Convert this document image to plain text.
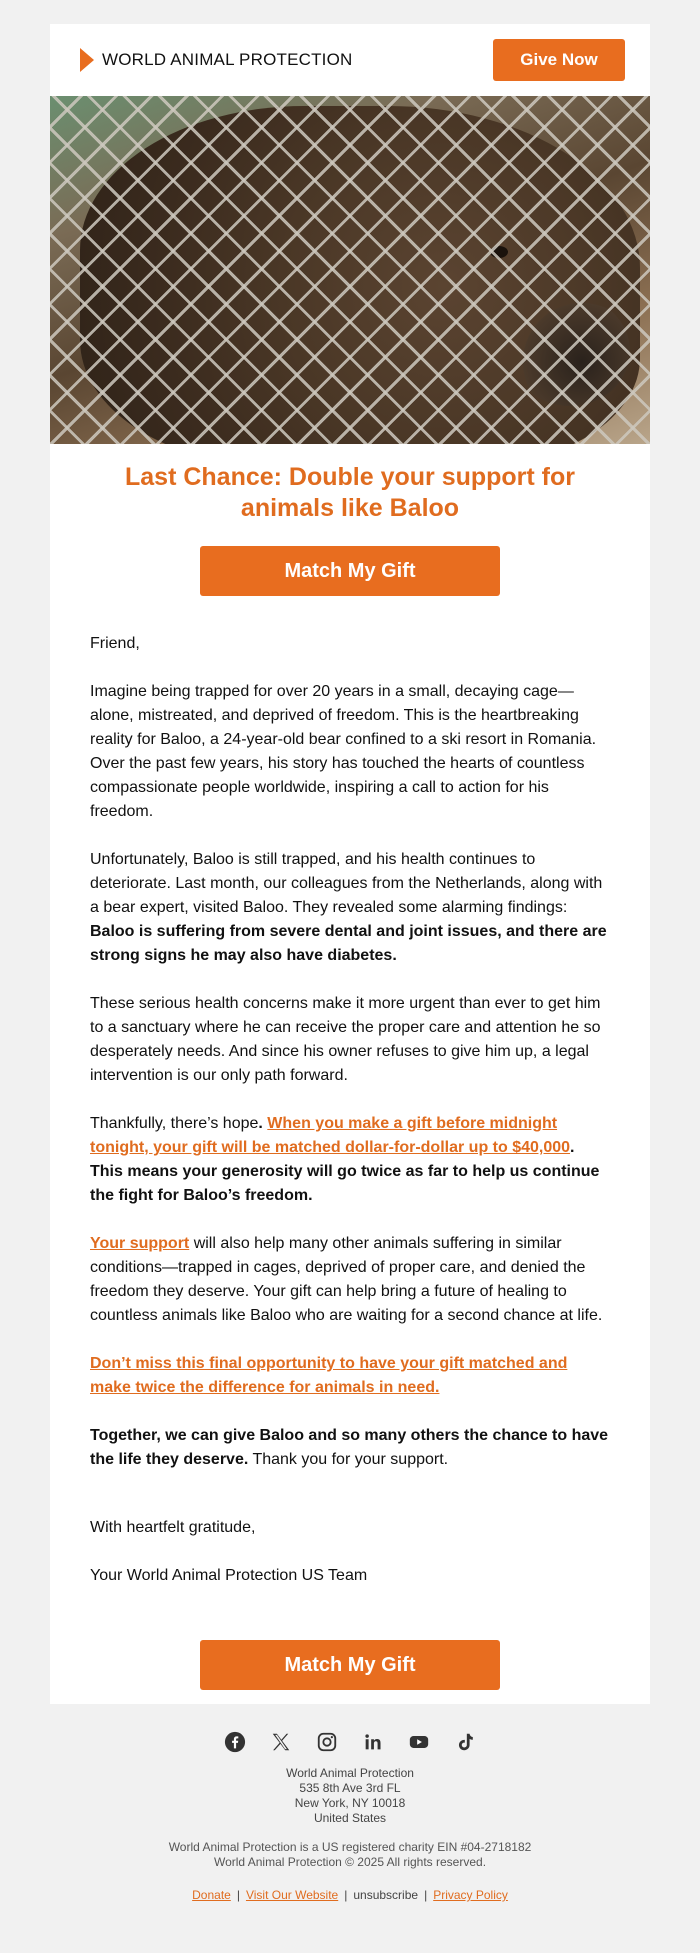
WORLD ANIMAL PROTECTION	Give Now
Last Chance: Double your support for animals like Baloo
Match My Gift

Friend,

Imagine being trapped for over 20 years in a small, decaying cage—alone, mistreated, and deprived of freedom. This is the heartbreaking reality for Baloo, a 24-year-old bear confined to a ski resort in Romania. Over the past few years, his story has touched the hearts of countless compassionate people worldwide, inspiring a call to action for his freedom.

Unfortunately, Baloo is still trapped, and his health continues to deteriorate. Last month, our colleagues from the Netherlands, along with a bear expert, visited Baloo. They revealed some alarming findings: Baloo is suffering from severe dental and joint issues, and there are strong signs he may also have diabetes.

These serious health concerns make it more urgent than ever to get him to a sanctuary where he can receive the proper care and attention he so desperately needs. And since his owner refuses to give him up, a legal intervention is our only path forward.

Thankfully, there’s hope. When you make a gift before midnight tonight, your gift will be matched dollar-for-dollar up to $40,000. This means your generosity will go twice as far to help us continue the fight for Baloo’s freedom.

Your support will also help many other animals suffering in similar conditions—trapped in cages, deprived of proper care, and denied the freedom they deserve. Your gift can help bring a future of healing to countless animals like Baloo who are waiting for a second chance at life.

Don’t miss this final opportunity to have your gift matched and make twice the difference for animals in need.

Together, we can give Baloo and so many others the chance to have the life they deserve. Thank you for your support.

With heartfelt gratitude,

Your World Animal Protection US Team

Match My Gift
World Animal Protection
535 8th Ave 3rd FL
New York, NY 10018
United States
World Animal Protection is a US registered charity EIN #04-2718182
World Animal Protection © 2025 All rights reserved.
Donate | Visit Our Website | unsubscribe | Privacy Policy
